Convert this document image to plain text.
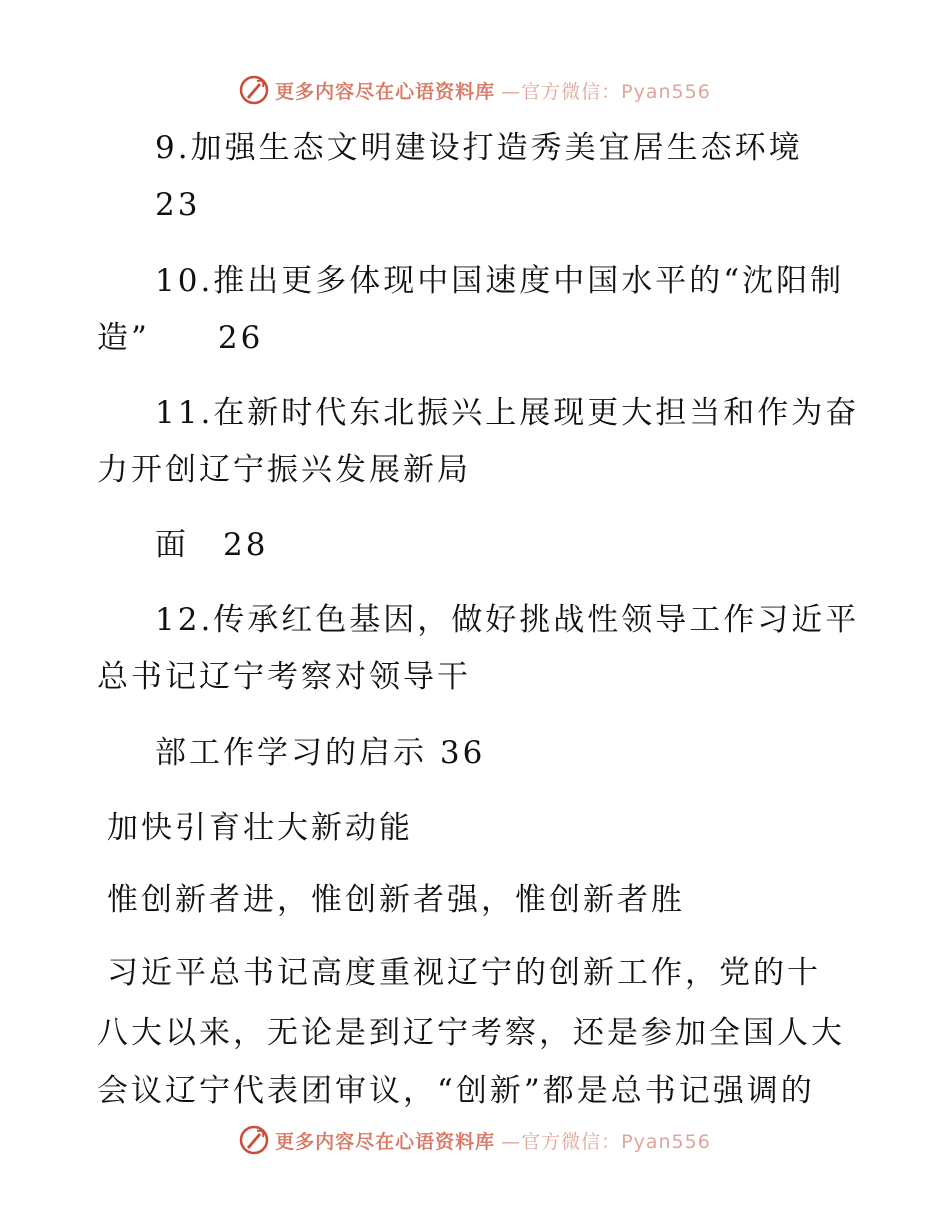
更多内容尽在心语资料库 —官方微信：Pyan556
9.加强生态文明建设打造秀美宜居生态环境
23
10.推出更多体现中国速度中国水平的“沈阳制
造”　　26
11.在新时代东北振兴上展现更大担当和作为奋
力开创辽宁振兴发展新局
面　28
12.传承红色基因，做好挑战性领导工作习近平
总书记辽宁考察对领导干
部工作学习的启示 36
加快引育壮大新动能
惟创新者进，惟创新者强，惟创新者胜
习近平总书记高度重视辽宁的创新工作，党的十
八大以来，无论是到辽宁考察，还是参加全国人大
会议辽宁代表团审议，“创新”都是总书记强调的
更多内容尽在心语资料库 —官方微信：Pyan556
